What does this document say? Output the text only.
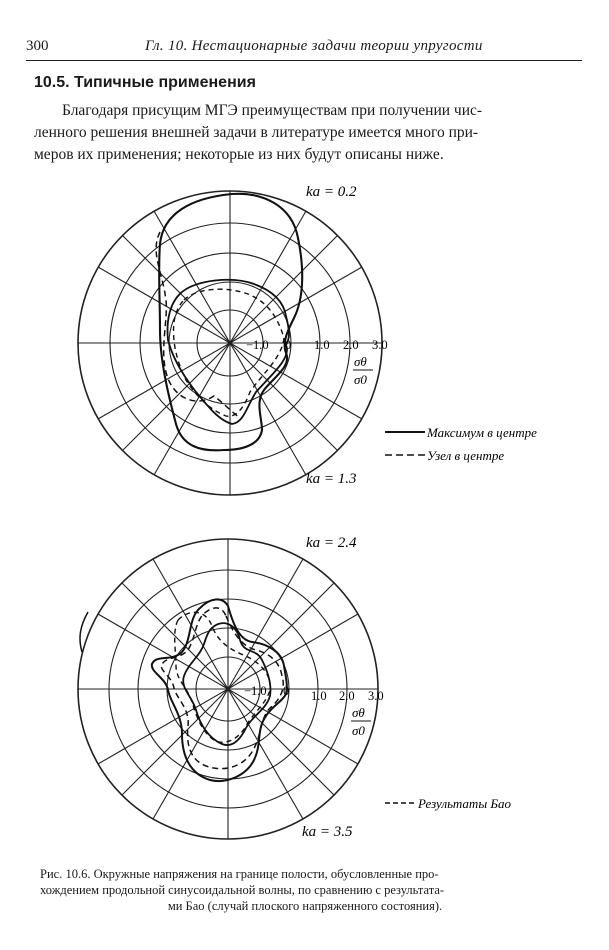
300	Гл. 10. Нестационарные задачи теории упругости
10.5. Типичные применения
Благодаря присущим МГЭ преимуществам при получении чис-
ленного решения внешней задачи в литературе имеется много при-
меров их применения; некоторые из них будут описаны ниже.
ka = 0.2
ka = 1.3
−1.0 0 1.0 2.0 3.0
σθ
σ0
Максимум в центре
Узел в центре
ka = 2.4
ka = 3.5
−1.0 0 1.0 2.0 3.0
σθ
σ0
Результаты Бао
Рис. 10.6. Окружные напряжения на границе полости, обусловленные про-
хождением продольной синусоидальной волны, по сравнению с результата-
ми Бао (случай плоского напряженного состояния).
